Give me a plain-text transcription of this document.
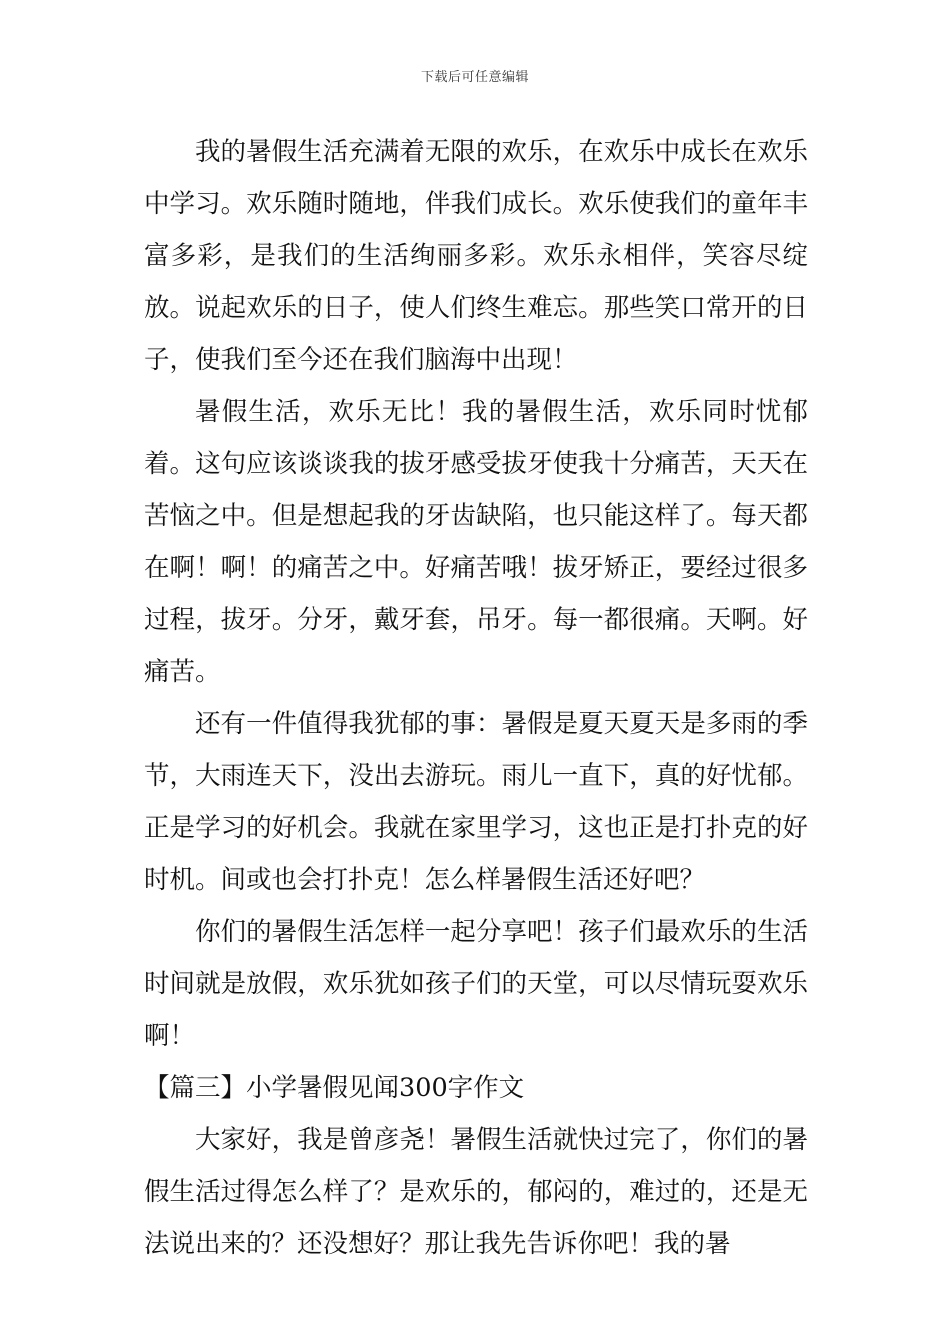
下载后可任意编辑

我的暑假生活充满着无限的欢乐，在欢乐中成长在欢乐中学习。欢乐随时随地，伴我们成长。欢乐使我们的童年丰富多彩，是我们的生活绚丽多彩。欢乐永相伴，笑容尽绽放。说起欢乐的日子，使人们终生难忘。那些笑口常开的日子，使我们至今还在我们脑海中出现！

暑假生活，欢乐无比！我的暑假生活，欢乐同时忧郁着。这句应该谈谈我的拔牙感受拔牙使我十分痛苦，天天在苦恼之中。但是想起我的牙齿缺陷，也只能这样了。每天都在啊！啊！的痛苦之中。好痛苦哦！拔牙矫正，要经过很多过程，拔牙。分牙，戴牙套，吊牙。每一都很痛。天啊。好痛苦。

还有一件值得我犹郁的事：暑假是夏天夏天是多雨的季节，大雨连天下，没出去游玩。雨儿一直下，真的好忧郁。正是学习的好机会。我就在家里学习，这也正是打扑克的好时机。间或也会打扑克！怎么样暑假生活还好吧？

你们的暑假生活怎样一起分享吧！孩子们最欢乐的生活时间就是放假，欢乐犹如孩子们的天堂，可以尽情玩耍欢乐啊！

【篇三】小学暑假见闻300字作文

大家好，我是曾彦尧！暑假生活就快过完了，你们的暑假生活过得怎么样了？是欢乐的，郁闷的，难过的，还是无法说出来的？还没想好？那让我先告诉你吧！我的暑
